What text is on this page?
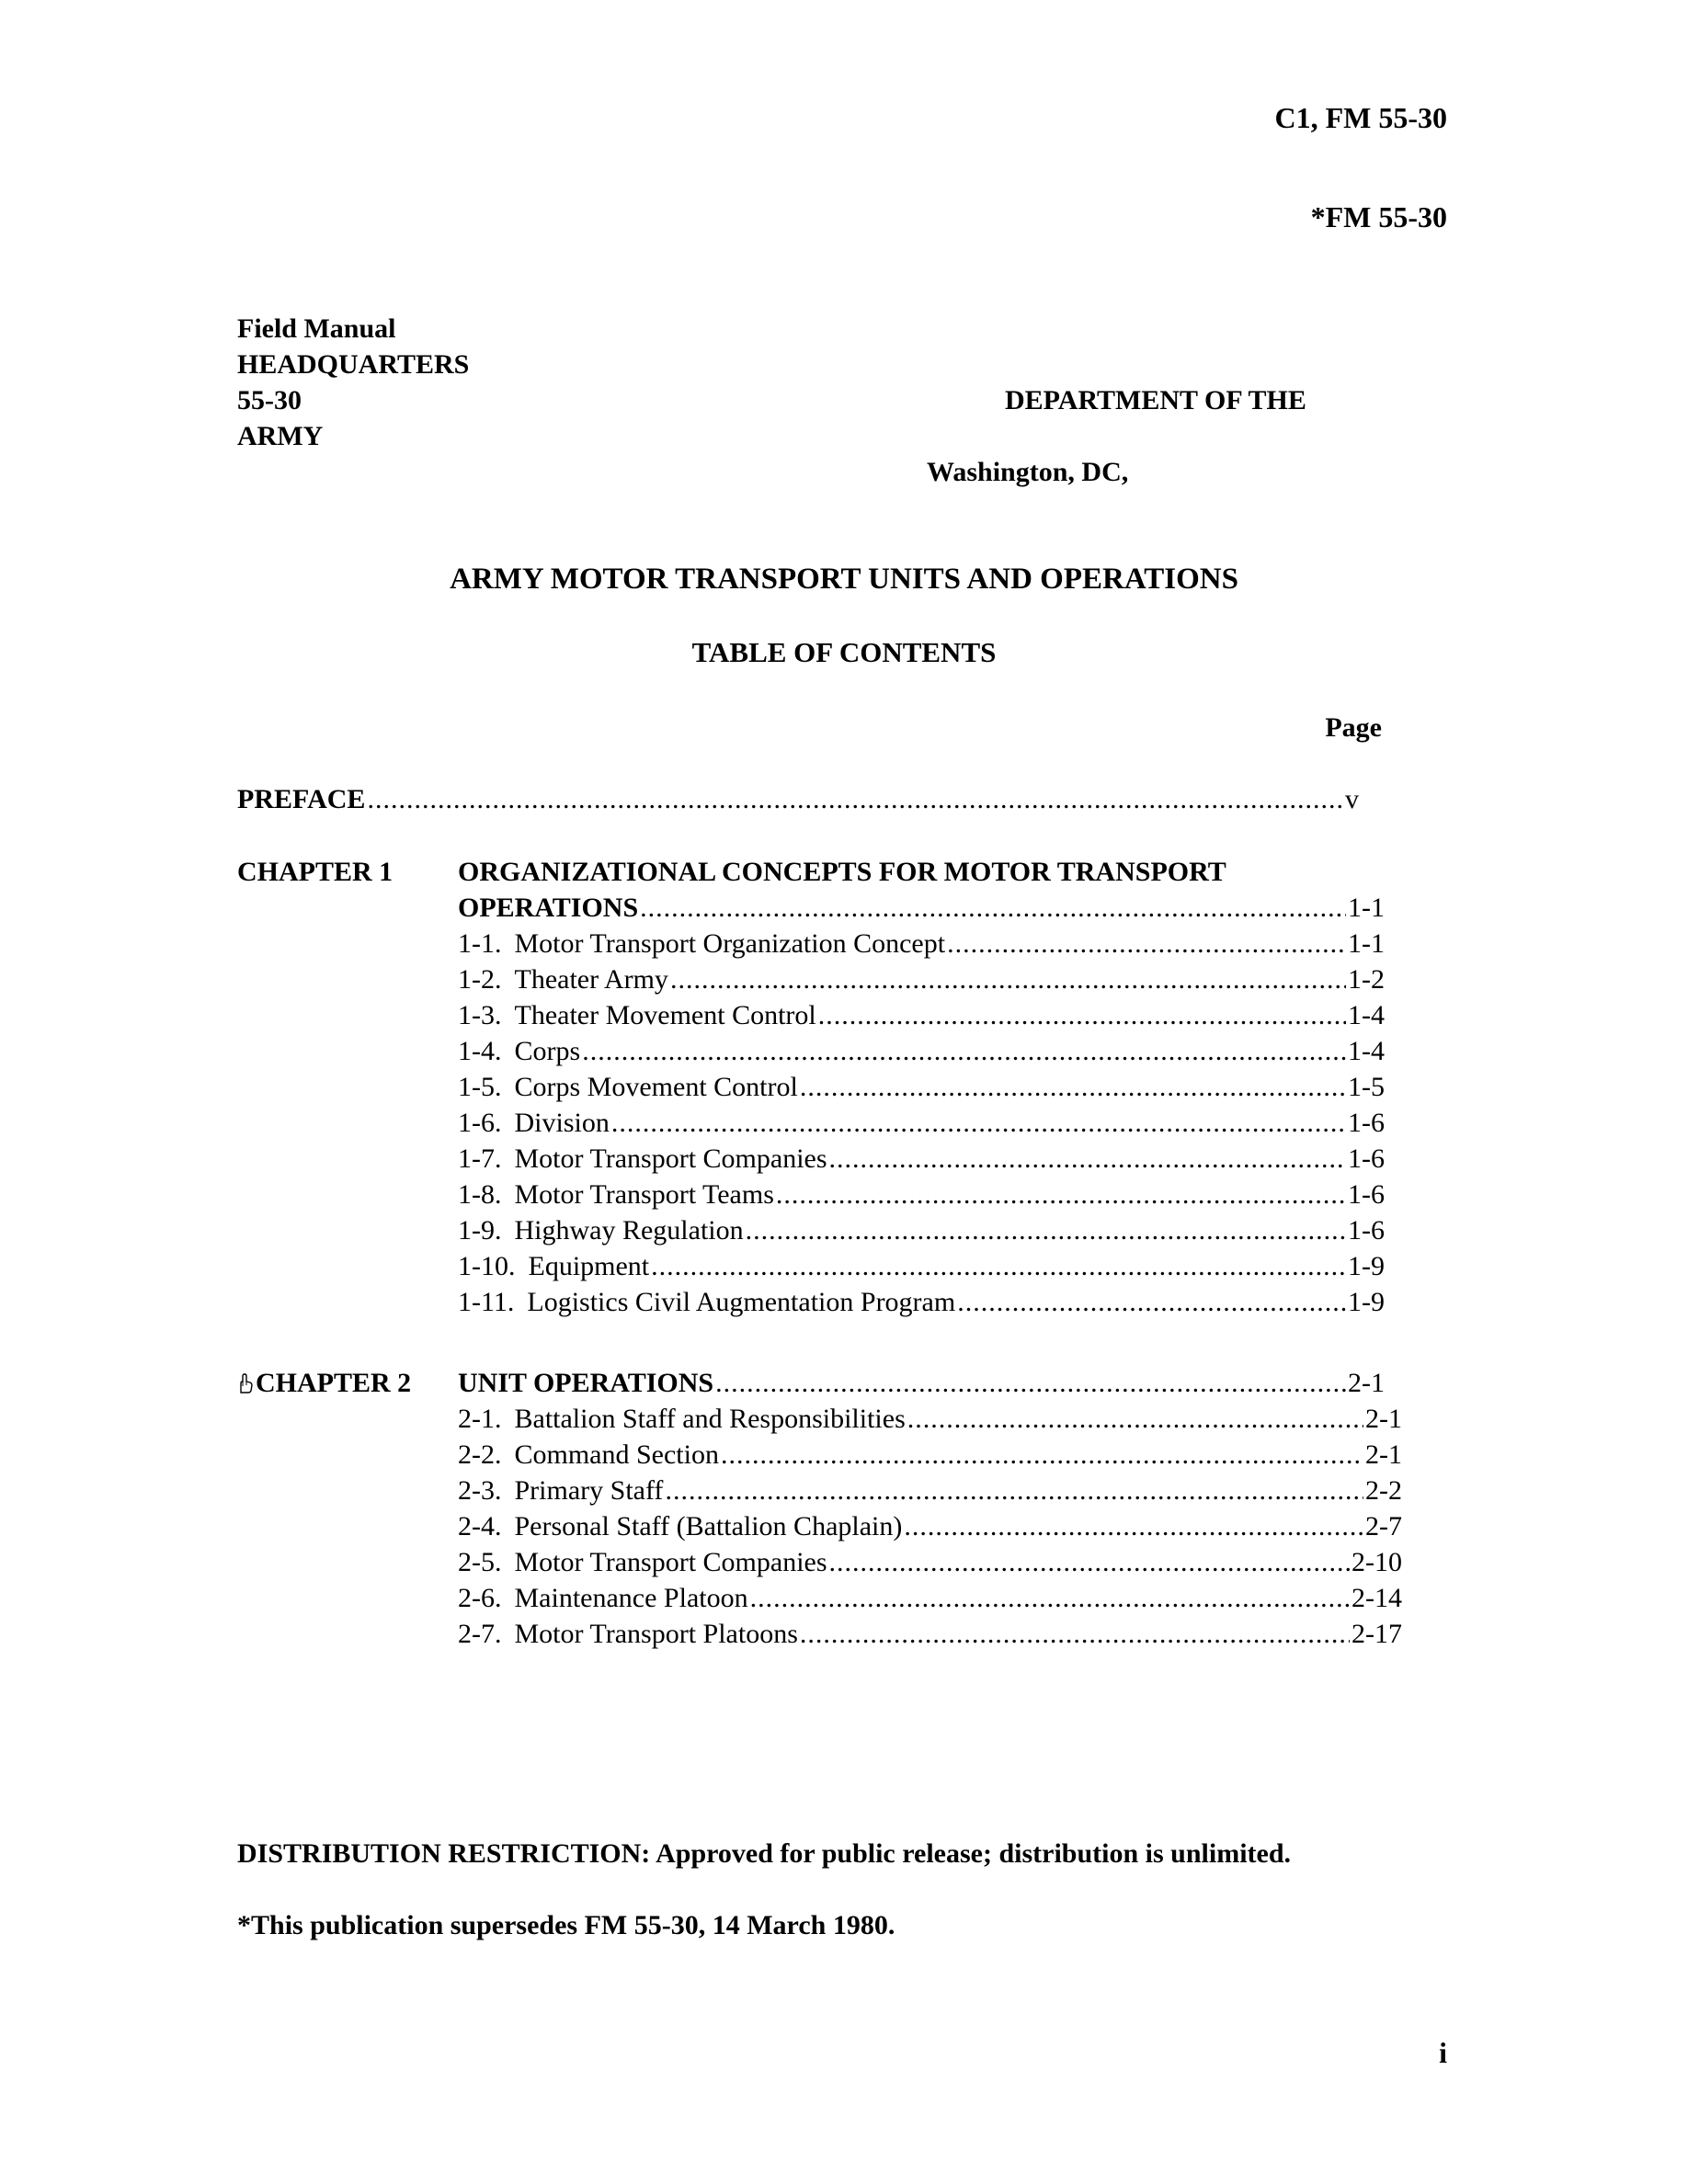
C1, FM 55-30
*FM 55-30
Field Manual
HEADQUARTERS
55-30
ARMY
DEPARTMENT OF THE
Washington, DC,
ARMY MOTOR TRANSPORT UNITS AND OPERATIONS
TABLE OF CONTENTS
Page
PREFACE .....	v
CHAPTER 1 ORGANIZATIONAL CONCEPTS FOR MOTOR TRANSPORT
OPERATIONS .....	1-1
1-1. Motor Transport Organization Concept .....	1-1
1-2. Theater Army .....	1-2
1-3. Theater Movement Control .....	1-4
1-4. Corps .....	1-4
1-5. Corps Movement Control .....	1-5
1-6. Division .....	1-6
1-7. Motor Transport Companies .....	1-6
1-8. Motor Transport Teams .....	1-6
1-9. Highway Regulation .....	1-6
1-10. Equipment .....	1-9
1-11. Logistics Civil Augmentation Program .....	1-9
CHAPTER 2 UNIT OPERATIONS .....	2-1
2-1. Battalion Staff and Responsibilities .....	2-1
2-2. Command Section .....	2-1
2-3. Primary Staff .....	2-2
2-4. Personal Staff (Battalion Chaplain) .....	2-7
2-5. Motor Transport Companies .....	2-10
2-6. Maintenance Platoon .....	2-14
2-7. Motor Transport Platoons .....	2-17
DISTRIBUTION RESTRICTION: Approved for public release; distribution is unlimited.
*This publication supersedes FM 55-30, 14 March 1980.
i
